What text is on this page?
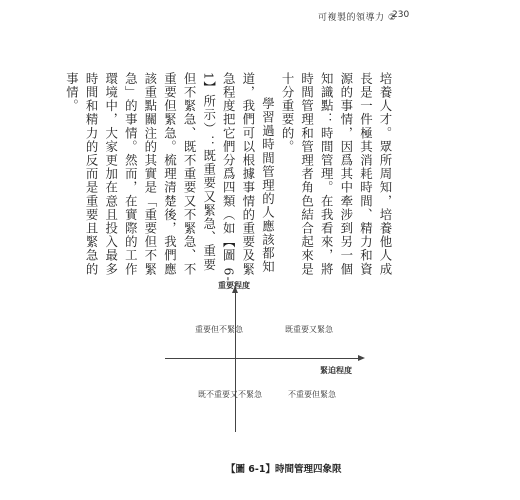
可複製的領導力 ②
230

培養人才。眾所周知，培養他人成長是一件極其消耗時間、精力和資源的事情，因爲其中牽涉到另一個知識點：時間管理。在我看來，將時間管理和管理者角色結合起來是十分重要的。

學習過時間管理的人應該都知道，我們可以根據事情的重要及緊急程度把它們分爲四類（如【圖 6-1】所示）：既重要又緊急、重要但不緊急、既不重要又不緊急、不重要但緊急。梳理清楚後，我們應該重點關注的其實是「重要但不緊急」的事情。然而，在實際的工作環境中，大家更加在意且投入最多時間和精力的反而是重要且緊急的事情。

重要程度
緊迫程度
重要但不緊急	既重要又緊急
既不重要又不緊急	不重要但緊急
【圖 6-1】時間管理四象限
